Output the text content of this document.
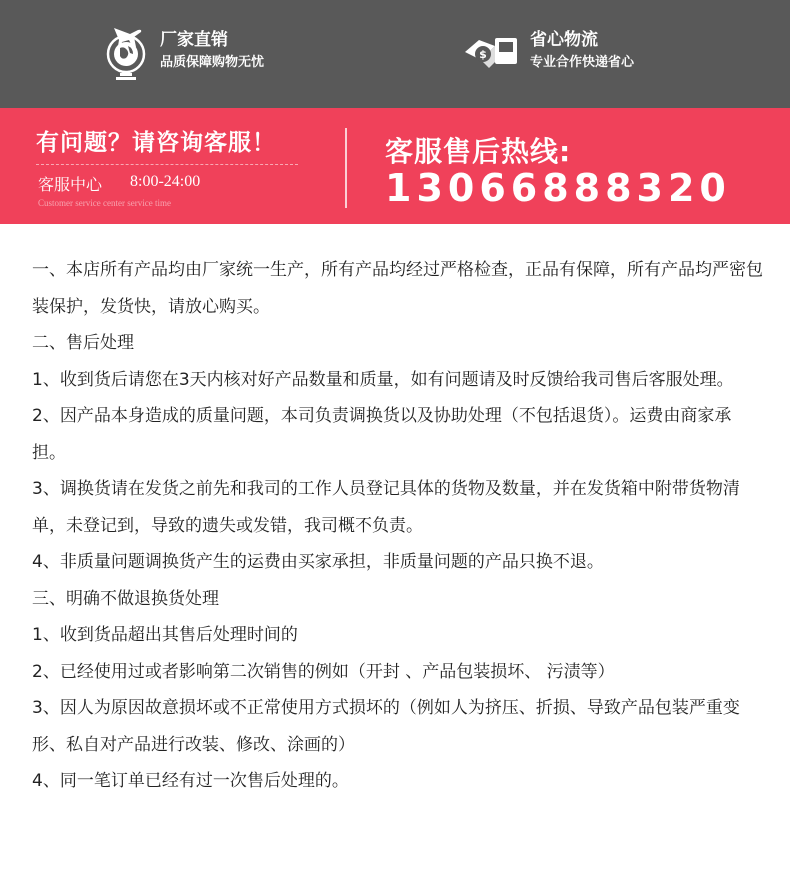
厂家直销
品质保障购物无忧
$
省心物流
专业合作快递省心
有问题？请咨询客服！
客服中心 8:00-24:00
Customer service center service time
客服售后热线:
13066888320

一、本店所有产品均由厂家统一生产，所有产品均经过严格检查，正品有保障，所有产品均严密包装保护，发货快，请放心购买。

二、售后处理

1、收到货后请您在3天内核对好产品数量和质量，如有问题请及时反馈给我司售后客服处理。

2、因产品本身造成的质量问题，本司负责调换货以及协助处理（不包括退货）。运费由商家承担。

3、调换货请在发货之前先和我司的工作人员登记具体的货物及数量，并在发货箱中附带货物清单，未登记到，导致的遗失或发错，我司概不负责。

4、非质量问题调换货产生的运费由买家承担，非质量问题的产品只换不退。

三、明确不做退换货处理

1、收到货品超出其售后处理时间的

2、已经使用过或者影响第二次销售的例如（开封 、产品包装损坏、 污渍等）

3、因人为原因故意损坏或不正常使用方式损坏的（例如人为挤压、折损、导致产品包装严重变形、私自对产品进行改装、修改、涂画的）

4、同一笔订单已经有过一次售后处理的。
